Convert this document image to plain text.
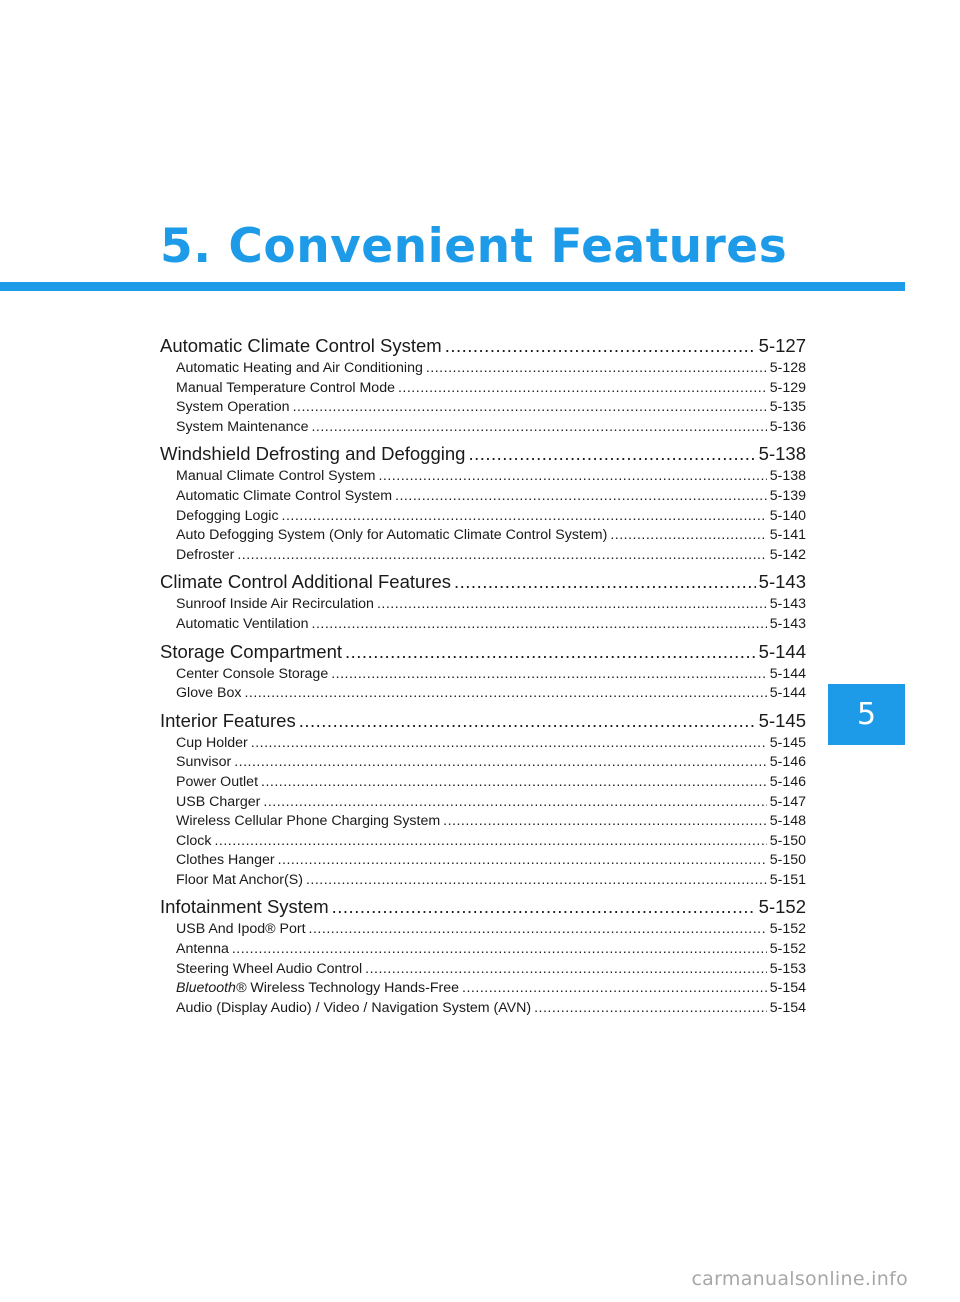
5. Convenient Features
Automatic Climate Control System .....	5-127
Automatic Heating and Air Conditioning .....	5-128
Manual Temperature Control Mode .....	5-129
System Operation .....	5-135
System Maintenance .....	5-136
Windshield Defrosting and Defogging .....	5-138
Manual Climate Control System .....	5-138
Automatic Climate Control System .....	5-139
Defogging Logic .....	5-140
Auto Defogging System (Only for Automatic Climate Control System) .....	5-141
Defroster .....	5-142
Climate Control Additional Features .....	5-143
Sunroof Inside Air Recirculation .....	5-143
Automatic Ventilation .....	5-143
Storage Compartment .....	5-144
Center Console Storage .....	5-144
Glove Box .....	5-144
Interior Features .....	5-145
Cup Holder .....	5-145
Sunvisor .....	5-146
Power Outlet .....	5-146
USB Charger .....	5-147
Wireless Cellular Phone Charging System .....	5-148
Clock .....	5-150
Clothes Hanger .....	5-150
Floor Mat Anchor(S) .....	5-151
Infotainment System .....	5-152
USB And Ipod® Port .....	5-152
Antenna .....	5-152
Steering Wheel Audio Control .....	5-153
Bluetooth® Wireless Technology Hands-Free .....	5-154
Audio (Display Audio) / Video / Navigation System (AVN) .....	5-154
5
carmanualsonline.info
